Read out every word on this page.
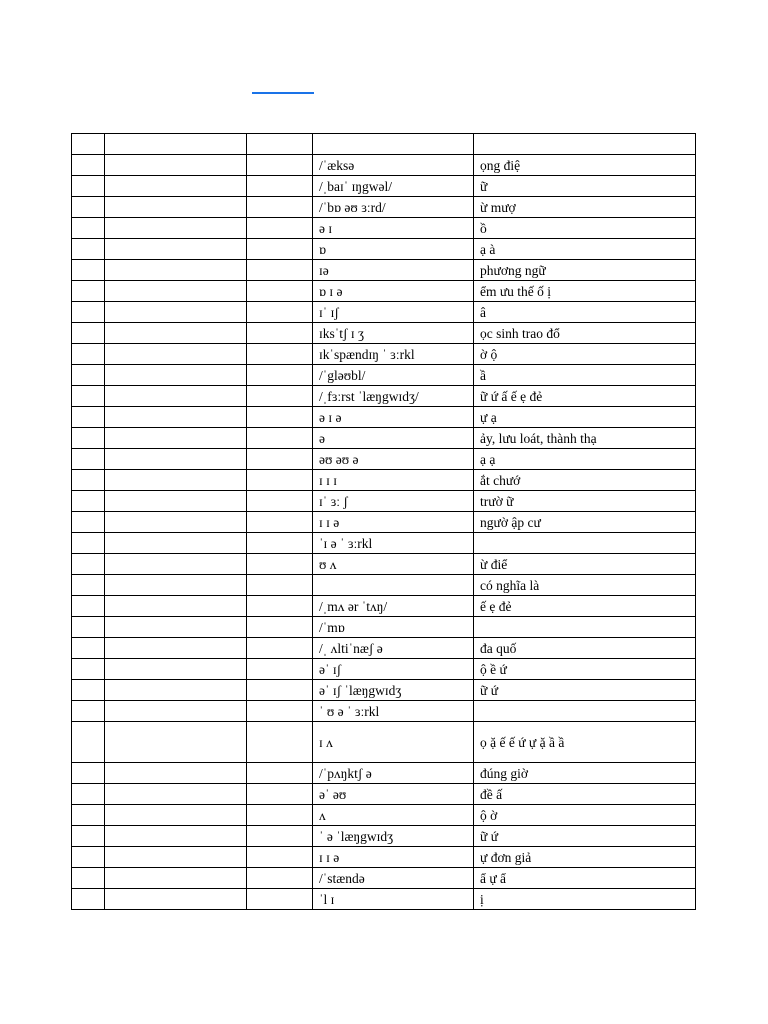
			/ˈæksə	ọng điệ
			/ˌbaɪˈ ɪŋgwəl/	ữ
			/ˈbɒ əʊ ɜːrd/	ừ mượ
			ə ɪ	ồ
			ɒ	ạ à
			ɪə	phương ngữ
			ɒ ɪ ə	ểm ưu thế ố ị
			ɪˈ ɪʃ	â
			ɪksˈtʃ ɪ ʒ	ọc sinh trao đổ
			ɪkˈspændɪŋ ˈ ɜːrkl	ờ ộ
			/ˈgləʊbl/	ầ
			/ˌfɜːrst ˈlæŋgwɪdʒ/	ữ ứ ấ ế ẹ đẻ
			ə ɪ ə	ự ạ
			ə	ảy, lưu loát, thành thạ
			əʊ əʊ ə	ạ ạ
			ɪ ɪ ɪ	ắt chướ
			ɪˈ ɜː ʃ	trườ ữ
			ɪ ɪ ə	ngườ ập cư
			ˈɪ ə ˈ ɜːrkl	
			ʊ ʌ	ừ điể
				có nghĩa là
			/ˌmʌ ər ˈtʌŋ/	ế ẹ đẻ
			/ˈmɒ	
			/ˌ ʌltiˈnæʃ ə	đa quố
			əˈ ɪʃ	ộ ề ứ
			əˈ ɪʃ ˈlæŋgwɪdʒ	ữ ứ
			ˈ ʊ ə ˈ ɜːrkl	
			ɪ ʌ	ọ ặ ế ế ứ ự ặ ầ ầ
			/ˈpʌŋktʃ ə	đúng giờ
			əˈ əʊ	đề ấ
			ʌ	ộ ờ
			ˈ ə ˈlæŋgwɪdʒ	ữ ứ
			ɪ ɪ ə	ự đơn giả
			/ˈstændə	ẩ ự ẩ
			ˈl ɪ	ị
